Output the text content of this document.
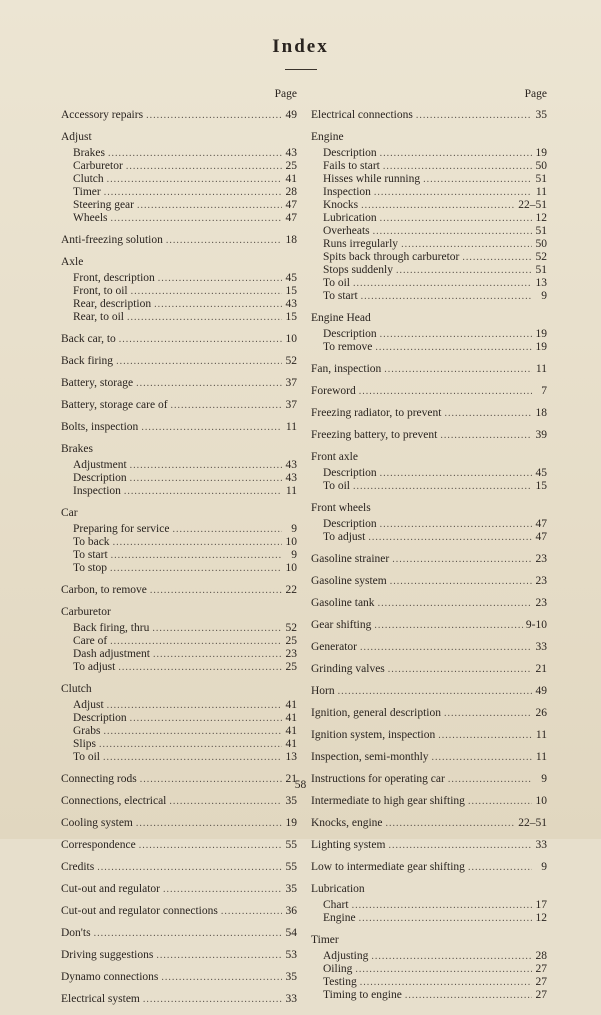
Index
Page
Accessory repairs .....	49
Adjust
Brakes .....	43
Carburetor .....	25
Clutch .....	41
Timer .....	28
Steering gear .....	47
Wheels .....	47
Anti-freezing solution .....	18
Axle
Front, description .....	45
Front, to oil .....	15
Rear, description .....	43
Rear, to oil .....	15
Back car, to .....	10
Back firing .....	52
Battery, storage .....	37
Battery, storage care of .....	37
Bolts, inspection .....	11
Brakes
Adjustment .....	43
Description .....	43
Inspection .....	11
Car
Preparing for service .....	9
To back .....	10
To start .....	9
To stop .....	10
Carbon, to remove .....	22
Carburetor
Back firing, thru .....	52
Care of .....	25
Dash adjustment .....	23
To adjust .....	25
Clutch
Adjust .....	41
Description .....	41
Grabs .....	41
Slips .....	41
To oil .....	13
Connecting rods .....	21
Connections, electrical .....	35
Cooling system .....	19
Correspondence .....	55
Credits .....	55
Cut-out and regulator .....	35
Cut-out and regulator connections .....	36
Don'ts .....	54
Driving suggestions .....	53
Dynamo connections .....	35
Electrical system .....	33
Page
Electrical connections .....	35
Engine
Description .....	19
Fails to start .....	50
Hisses while running .....	51
Inspection .....	11
Knocks .....	22–51
Lubrication .....	12
Overheats .....	51
Runs irregularly .....	50
Spits back through carburetor .....	52
Stops suddenly .....	51
To oil .....	13
To start .....	9
Engine Head
Description .....	19
To remove .....	19
Fan, inspection .....	11
Foreword .....	7
Freezing radiator, to prevent .....	18
Freezing battery, to prevent .....	39
Front axle
Description .....	45
To oil .....	15
Front wheels
Description .....	47
To adjust .....	47
Gasoline strainer .....	23
Gasoline system .....	23
Gasoline tank .....	23
Gear shifting .....	9-10
Generator .....	33
Grinding valves .....	21
Horn .....	49
Ignition, general description .....	26
Ignition system, inspection .....	11
Inspection, semi-monthly .....	11
Instructions for operating car .....	9
Intermediate to high gear shifting .....	10
Knocks, engine .....	22–51
Lighting system .....	33
Low to intermediate gear shifting .....	9
Lubrication
Chart .....	17
Engine .....	12
Timer
Adjusting .....	28
Oiling .....	27
Testing .....	27
Timing to engine .....	27
58
